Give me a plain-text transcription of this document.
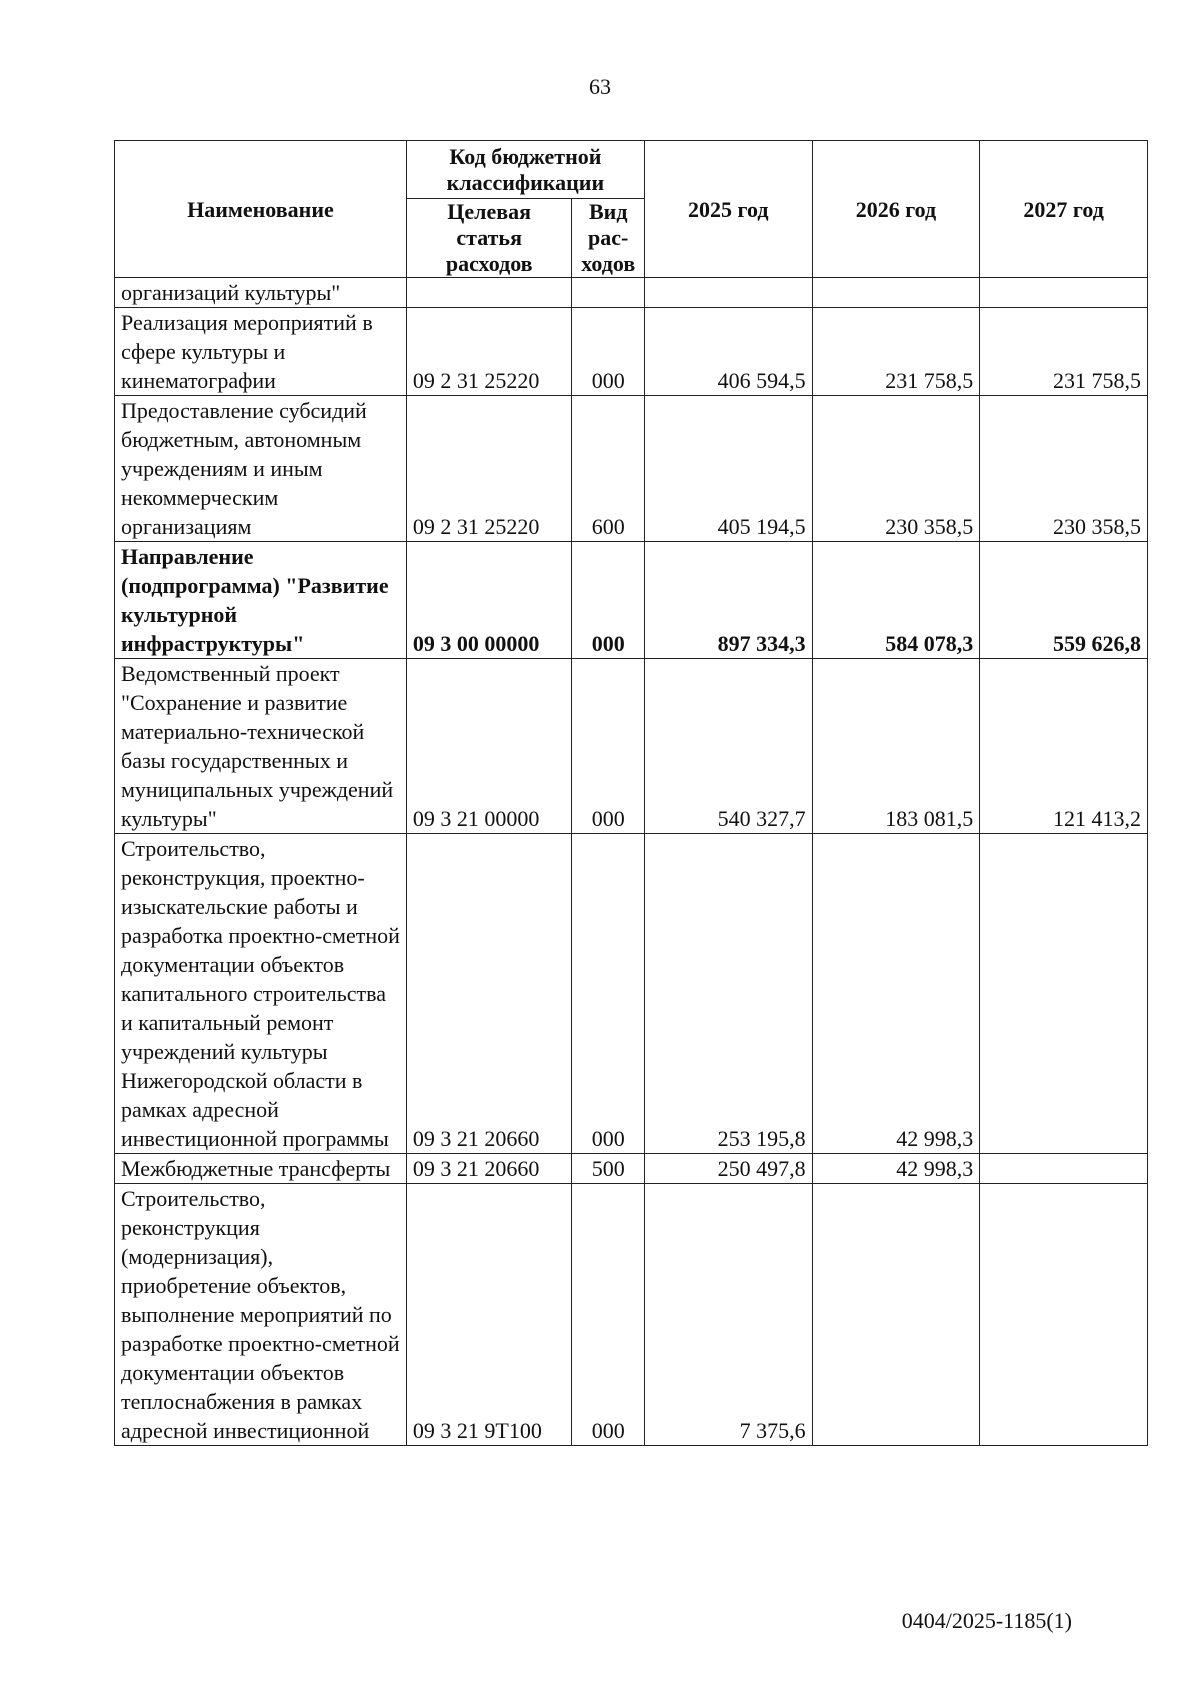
63
Наименование	Код бюджетной классификации		2025 год	2026 год	2027 год
	Целевая статья расходов	Вид рас-ходов			
организаций культуры"					
Реализация мероприятий в сфере культуры и кинематографии	09 2 31 25220	000	406 594,5	231 758,5	231 758,5
Предоставление субсидий бюджетным, автономным учреждениям и иным некоммерческим организациям	09 2 31 25220	600	405 194,5	230 358,5	230 358,5
Направление (подпрограмма) "Развитие культурной инфраструктуры"	09 3 00 00000	000	897 334,3	584 078,3	559 626,8
Ведомственный проект "Сохранение и развитие материально-технической базы государственных и муниципальных учреждений культуры"	09 3 21 00000	000	540 327,7	183 081,5	121 413,2
Строительство, реконструкция, проектно-изыскательские работы и разработка проектно-сметной документации объектов капитального строительства и капитальный ремонт учреждений культуры Нижегородской области в рамках адресной инвестиционной программы	09 3 21 20660	000	253 195,8	42 998,3	
Межбюджетные трансферты	09 3 21 20660	500	250 497,8	42 998,3	
Строительство, реконструкция (модернизация), приобретение объектов, выполнение мероприятий по разработке проектно-сметной документации объектов теплоснабжения в рамках адресной инвестиционной	09 3 21 9Т100	000	7 375,6		
0404/2025-1185(1)
